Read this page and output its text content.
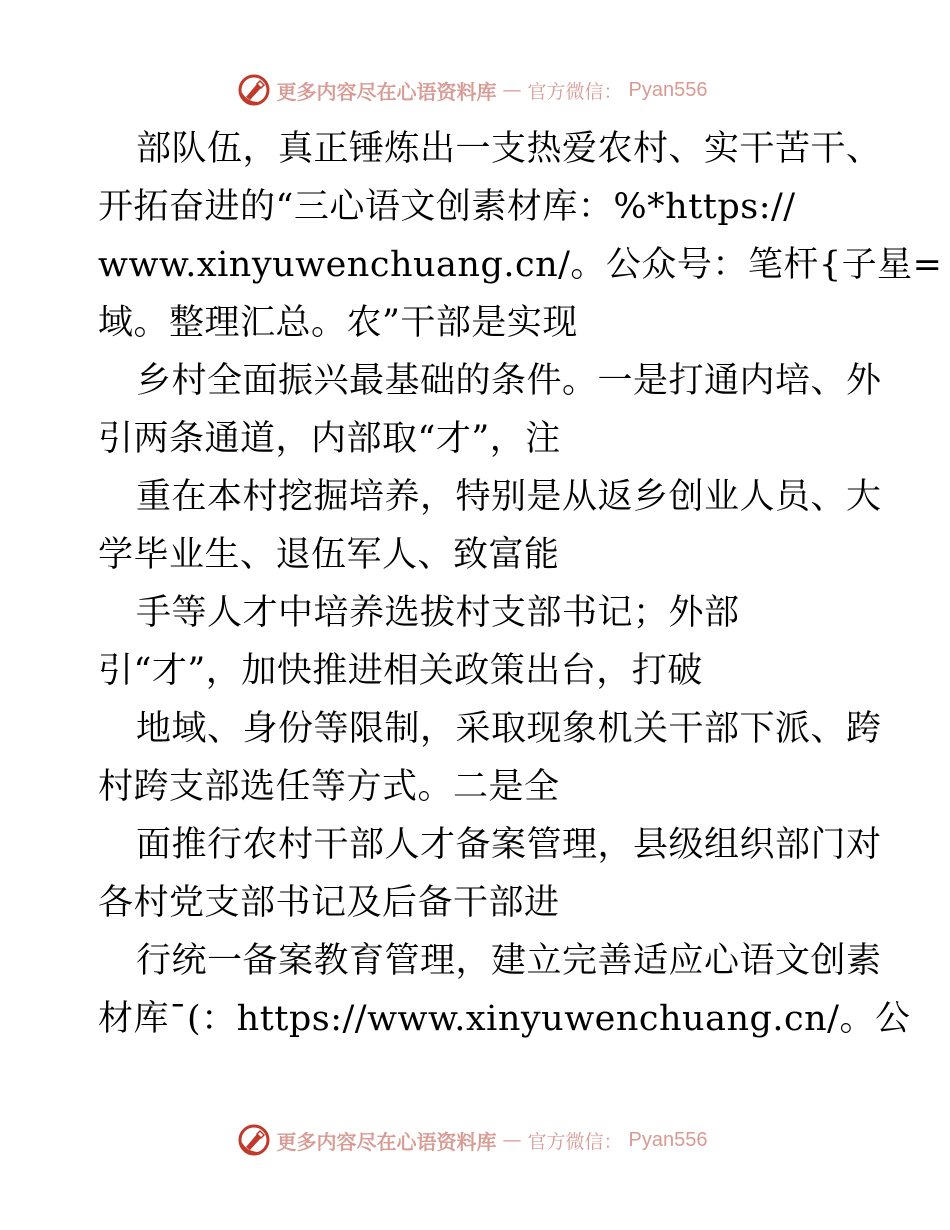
更多内容尽在心语资料库 — 官方微信： Pyan556
部队伍，真正锤炼出一支热爱农村、实干苦干、
开拓奋进的“三心语文创素材库：%*https://
www.xinyuwenchuang.cn/。公众号：笔杆{子星=
域。整理汇总。农”干部是实现
乡村全面振兴最基础的条件。一是打通内培、外
引两条通道，内部取“才”，注
重在本村挖掘培养，特别是从返乡创业人员、大
学毕业生、退伍军人、致富能
手等人才中培养选拔村支部书记；外部
引“才”，加快推进相关政策出台，打破
地域、身份等限制，采取现象机关干部下派、跨
村跨支部选任等方式。二是全
面推行农村干部人才备案管理，县级组织部门对
各村党支部书记及后备干部进
行统一备案教育管理，建立完善适应心语文创素
材库¯(：https://www.xinyuwenchuang.cn/。公
更多内容尽在心语资料库 — 官方微信： Pyan556
